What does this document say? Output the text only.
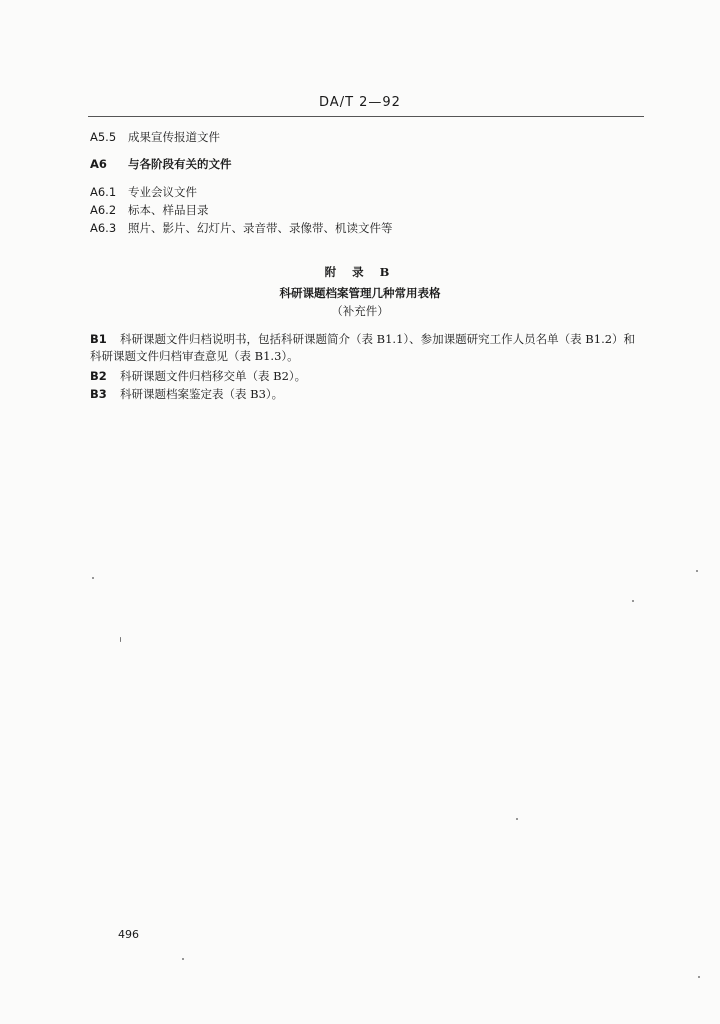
DA/T 2—92
A5.5 成果宣传报道文件
A6 与各阶段有关的文件
A6.1 专业会议文件
A6.2 标本、样品目录
A6.3 照片、影片、幻灯片、录音带、录像带、机读文件等
附 录 B
科研课题档案管理几种常用表格
（补充件）
B1 科研课题文件归档说明书，包括科研课题简介（表 B1.1）、参加课题研究工作人员名单（表 B1.2）和
科研课题文件归档审查意见（表 B1.3）。
B2 科研课题文件归档移交单（表 B2）。
B3 科研课题档案鉴定表（表 B3）。
496
